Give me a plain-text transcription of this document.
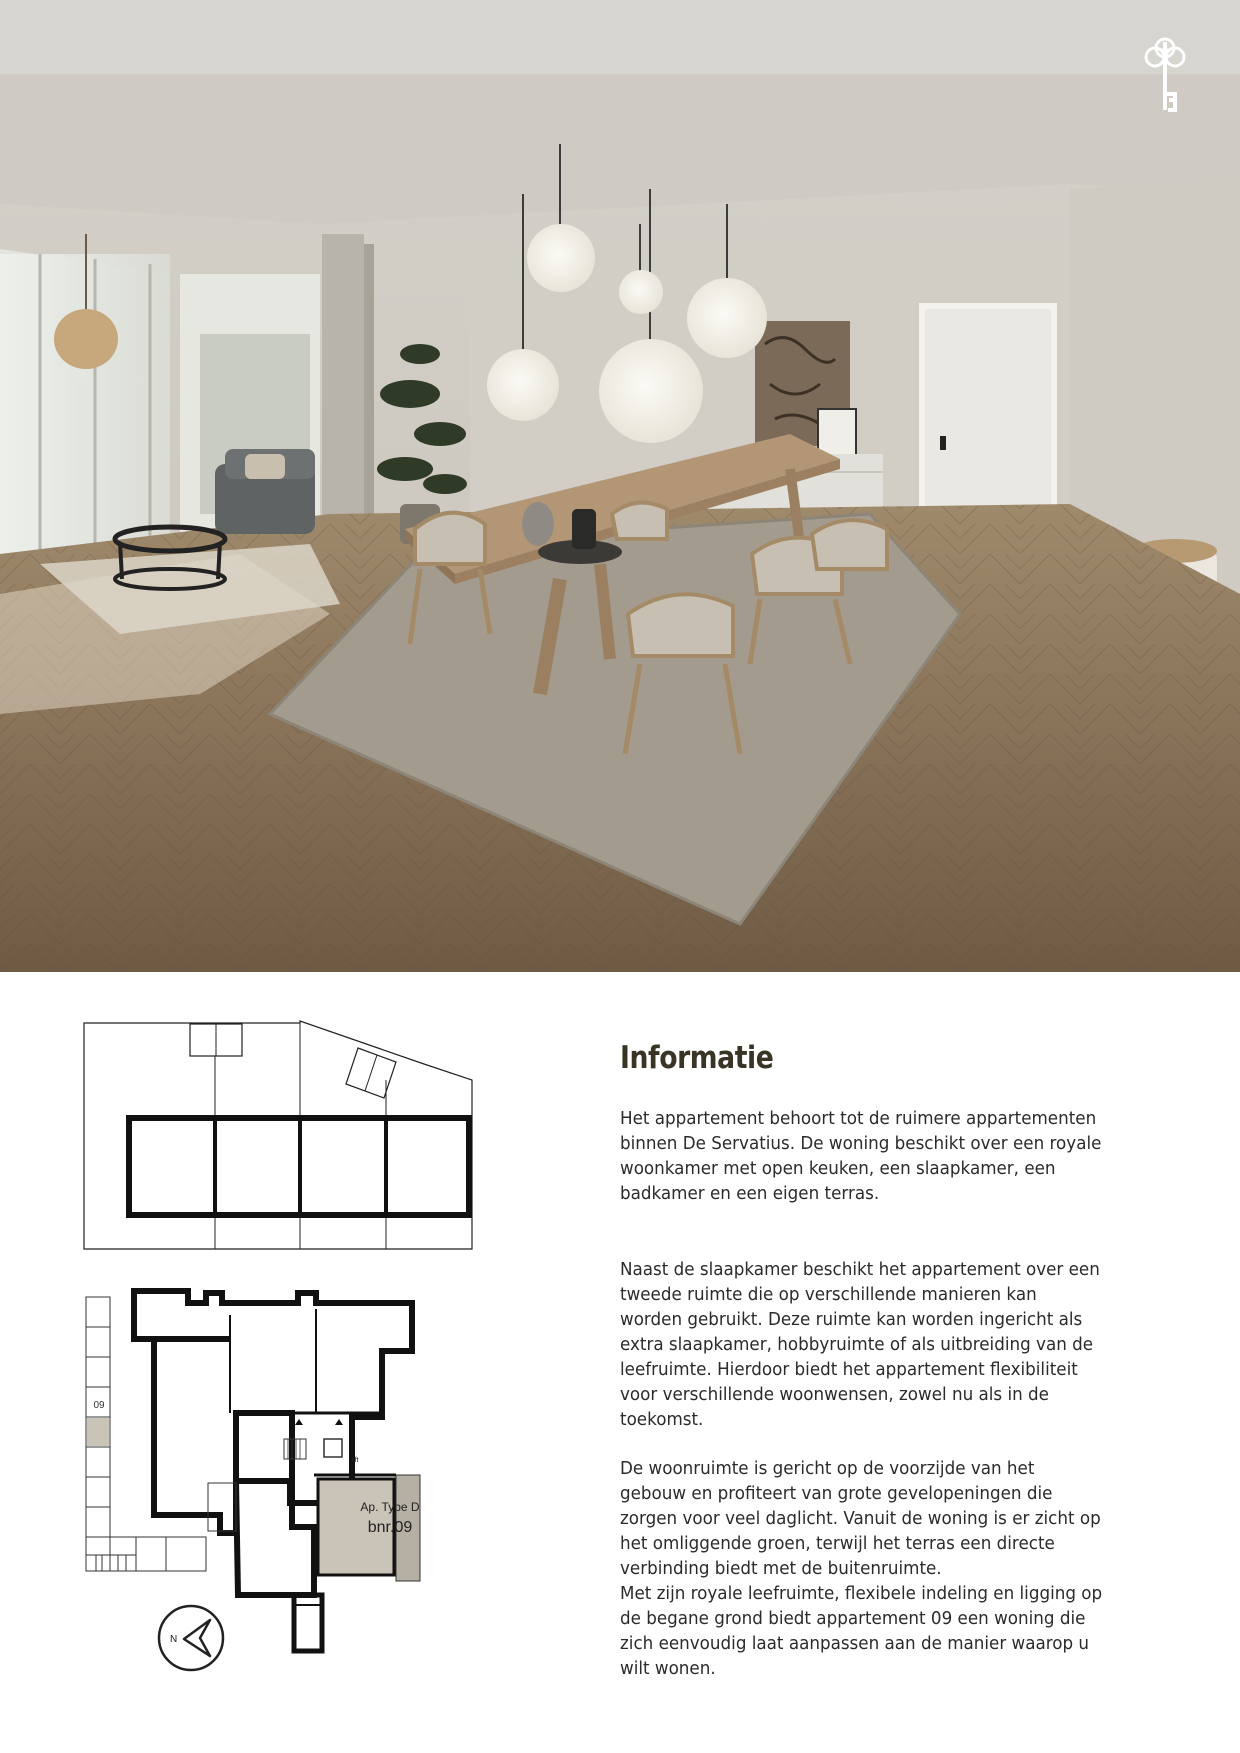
09
lift
Ap. Type D
bnr.09
N
Informatie

Het appartement behoort tot de ruimere appartementen binnen De Servatius. De woning beschikt over een royale woonkamer met open keuken, een slaapkamer, een badkamer en een eigen terras.

Naast de slaapkamer beschikt het appartement over een tweede ruimte die op verschillende manieren kan worden gebruikt. Deze ruimte kan worden ingericht als extra slaapkamer, hobbyruimte of als uitbreiding van de leefruimte. Hierdoor biedt het appartement flexibiliteit voor verschillende woonwensen, zowel nu als in de toekomst.

De woonruimte is gericht op de voorzijde van het gebouw en profiteert van grote gevelopeningen die zorgen voor veel daglicht. Vanuit de woning is er zicht op het omliggende groen, terwijl het terras een directe verbinding biedt met de buitenruimte.

Met zijn royale leefruimte, flexibele indeling en ligging op de begane grond biedt appartement 09 een woning die zich eenvoudig laat aanpassen aan de manier waarop u wilt wonen.
